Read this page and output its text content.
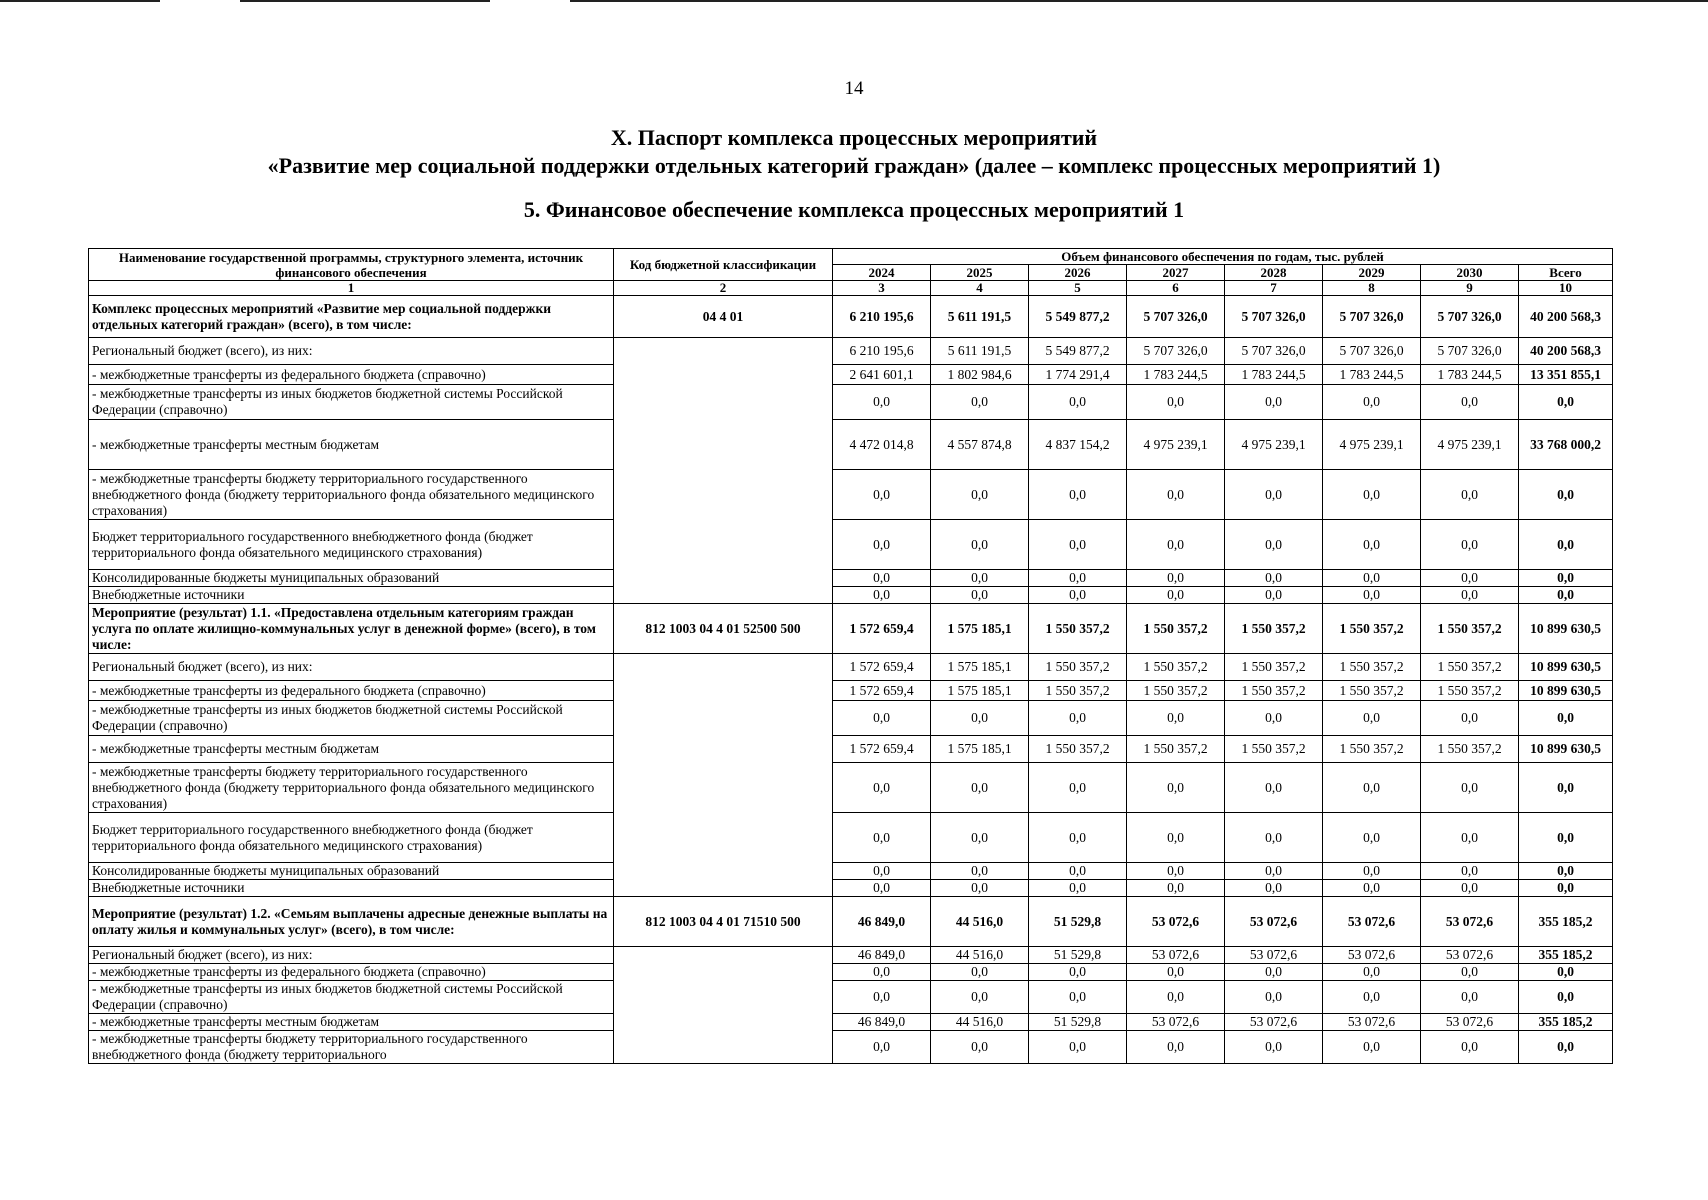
14
X. Паспорт комплекса процессных мероприятий
«Развитие мер социальной поддержки отдельных категорий граждан» (далее – комплекс процессных мероприятий 1)
5. Финансовое обеспечение комплекса процессных мероприятий 1
Наименование государственной программы, структурного элемента, источник финансового обеспечения	Код бюджетной классификации	Объем финансового обеспечения по годам, тыс. рублей							
		2024	2025	2026	2027	2028	2029	2030	Всего
1	2	3	4	5	6	7	8	9	10
Комплекс процессных мероприятий «Развитие мер социальной поддержки отдельных категорий граждан» (всего), в том числе:	04 4 01	6 210 195,6	5 611 191,5	5 549 877,2	5 707 326,0	5 707 326,0	5 707 326,0	5 707 326,0	40 200 568,3
Региональный бюджет (всего), из них:		6 210 195,6	5 611 191,5	5 549 877,2	5 707 326,0	5 707 326,0	5 707 326,0	5 707 326,0	40 200 568,3
- межбюджетные трансферты из федерального бюджета (справочно)		2 641 601,1	1 802 984,6	1 774 291,4	1 783 244,5	1 783 244,5	1 783 244,5	1 783 244,5	13 351 855,1
- межбюджетные трансферты из иных бюджетов бюджетной системы Российской Федерации (справочно)		0,0	0,0	0,0	0,0	0,0	0,0	0,0	0,0
- межбюджетные трансферты местным бюджетам		4 472 014,8	4 557 874,8	4 837 154,2	4 975 239,1	4 975 239,1	4 975 239,1	4 975 239,1	33 768 000,2
- межбюджетные трансферты бюджету территориального государственного внебюджетного фонда (бюджету территориального фонда обязательного медицинского страхования)		0,0	0,0	0,0	0,0	0,0	0,0	0,0	0,0
Бюджет территориального государственного внебюджетного фонда (бюджет территориального фонда обязательного медицинского страхования)		0,0	0,0	0,0	0,0	0,0	0,0	0,0	0,0
Консолидированные бюджеты муниципальных образований		0,0	0,0	0,0	0,0	0,0	0,0	0,0	0,0
Внебюджетные источники		0,0	0,0	0,0	0,0	0,0	0,0	0,0	0,0
Мероприятие (результат) 1.1. «Предоставлена отдельным категориям граждан услуга по оплате жилищно-коммунальных услуг в денежной форме» (всего), в том числе:	812 1003 04 4 01 52500 500	1 572 659,4	1 575 185,1	1 550 357,2	1 550 357,2	1 550 357,2	1 550 357,2	1 550 357,2	10 899 630,5
Региональный бюджет (всего), из них:		1 572 659,4	1 575 185,1	1 550 357,2	1 550 357,2	1 550 357,2	1 550 357,2	1 550 357,2	10 899 630,5
- межбюджетные трансферты из федерального бюджета (справочно)		1 572 659,4	1 575 185,1	1 550 357,2	1 550 357,2	1 550 357,2	1 550 357,2	1 550 357,2	10 899 630,5
- межбюджетные трансферты из иных бюджетов бюджетной системы Российской Федерации (справочно)		0,0	0,0	0,0	0,0	0,0	0,0	0,0	0,0
- межбюджетные трансферты местным бюджетам		1 572 659,4	1 575 185,1	1 550 357,2	1 550 357,2	1 550 357,2	1 550 357,2	1 550 357,2	10 899 630,5
- межбюджетные трансферты бюджету территориального государственного внебюджетного фонда (бюджету территориального фонда обязательного медицинского страхования)		0,0	0,0	0,0	0,0	0,0	0,0	0,0	0,0
Бюджет территориального государственного внебюджетного фонда (бюджет территориального фонда обязательного медицинского страхования)		0,0	0,0	0,0	0,0	0,0	0,0	0,0	0,0
Консолидированные бюджеты муниципальных образований		0,0	0,0	0,0	0,0	0,0	0,0	0,0	0,0
Внебюджетные источники		0,0	0,0	0,0	0,0	0,0	0,0	0,0	0,0
Мероприятие (результат) 1.2. «Семьям выплачены адресные денежные выплаты на оплату жилья и коммунальных услуг» (всего), в том числе:	812 1003 04 4 01 71510 500	46 849,0	44 516,0	51 529,8	53 072,6	53 072,6	53 072,6	53 072,6	355 185,2
Региональный бюджет (всего), из них:		46 849,0	44 516,0	51 529,8	53 072,6	53 072,6	53 072,6	53 072,6	355 185,2
- межбюджетные трансферты из федерального бюджета (справочно)		0,0	0,0	0,0	0,0	0,0	0,0	0,0	0,0
- межбюджетные трансферты из иных бюджетов бюджетной системы Российской Федерации (справочно)		0,0	0,0	0,0	0,0	0,0	0,0	0,0	0,0
- межбюджетные трансферты местным бюджетам		46 849,0	44 516,0	51 529,8	53 072,6	53 072,6	53 072,6	53 072,6	355 185,2
- межбюджетные трансферты бюджету территориального государственного внебюджетного фонда (бюджету территориального		0,0	0,0	0,0	0,0	0,0	0,0	0,0	0,0
